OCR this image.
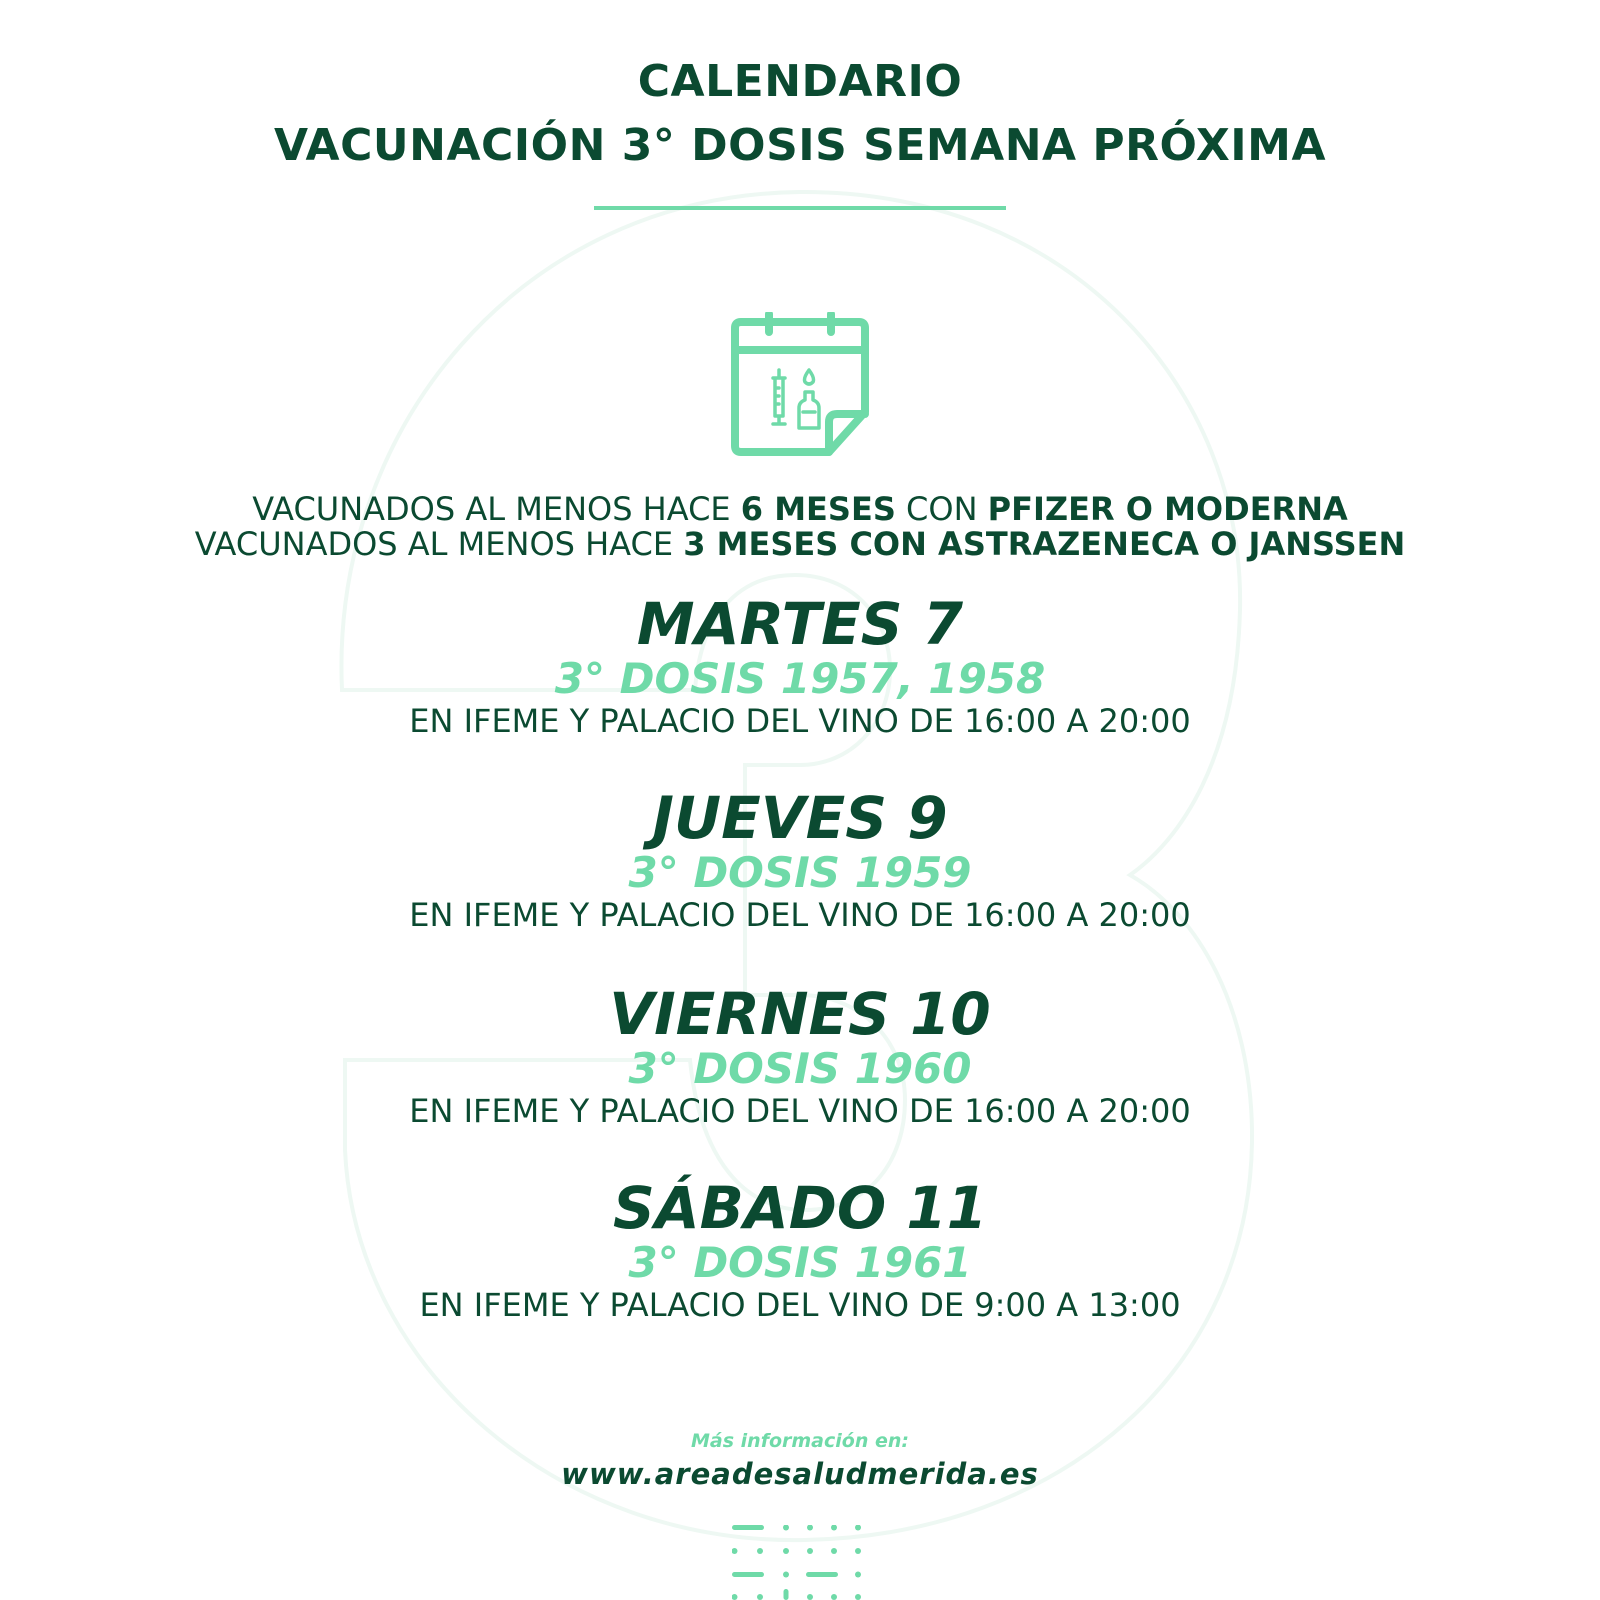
CALENDARIO
VACUNACIÓN 3° DOSIS SEMANA PRÓXIMA
VACUNADOS AL MENOS HACE 6 MESES CON PFIZER O MODERNA
VACUNADOS AL MENOS HACE 3 MESES CON ASTRAZENECA O JANSSEN
MARTES 7
3° DOSIS 1957, 1958
EN IFEME Y PALACIO DEL VINO DE 16:00 A 20:00
JUEVES 9
3° DOSIS 1959
EN IFEME Y PALACIO DEL VINO DE 16:00 A 20:00
VIERNES 10
3° DOSIS 1960
EN IFEME Y PALACIO DEL VINO DE 16:00 A 20:00
SÁBADO 11
3° DOSIS 1961
EN IFEME Y PALACIO DEL VINO DE 9:00 A 13:00
Más información en:
www.areadesaludmerida.es
